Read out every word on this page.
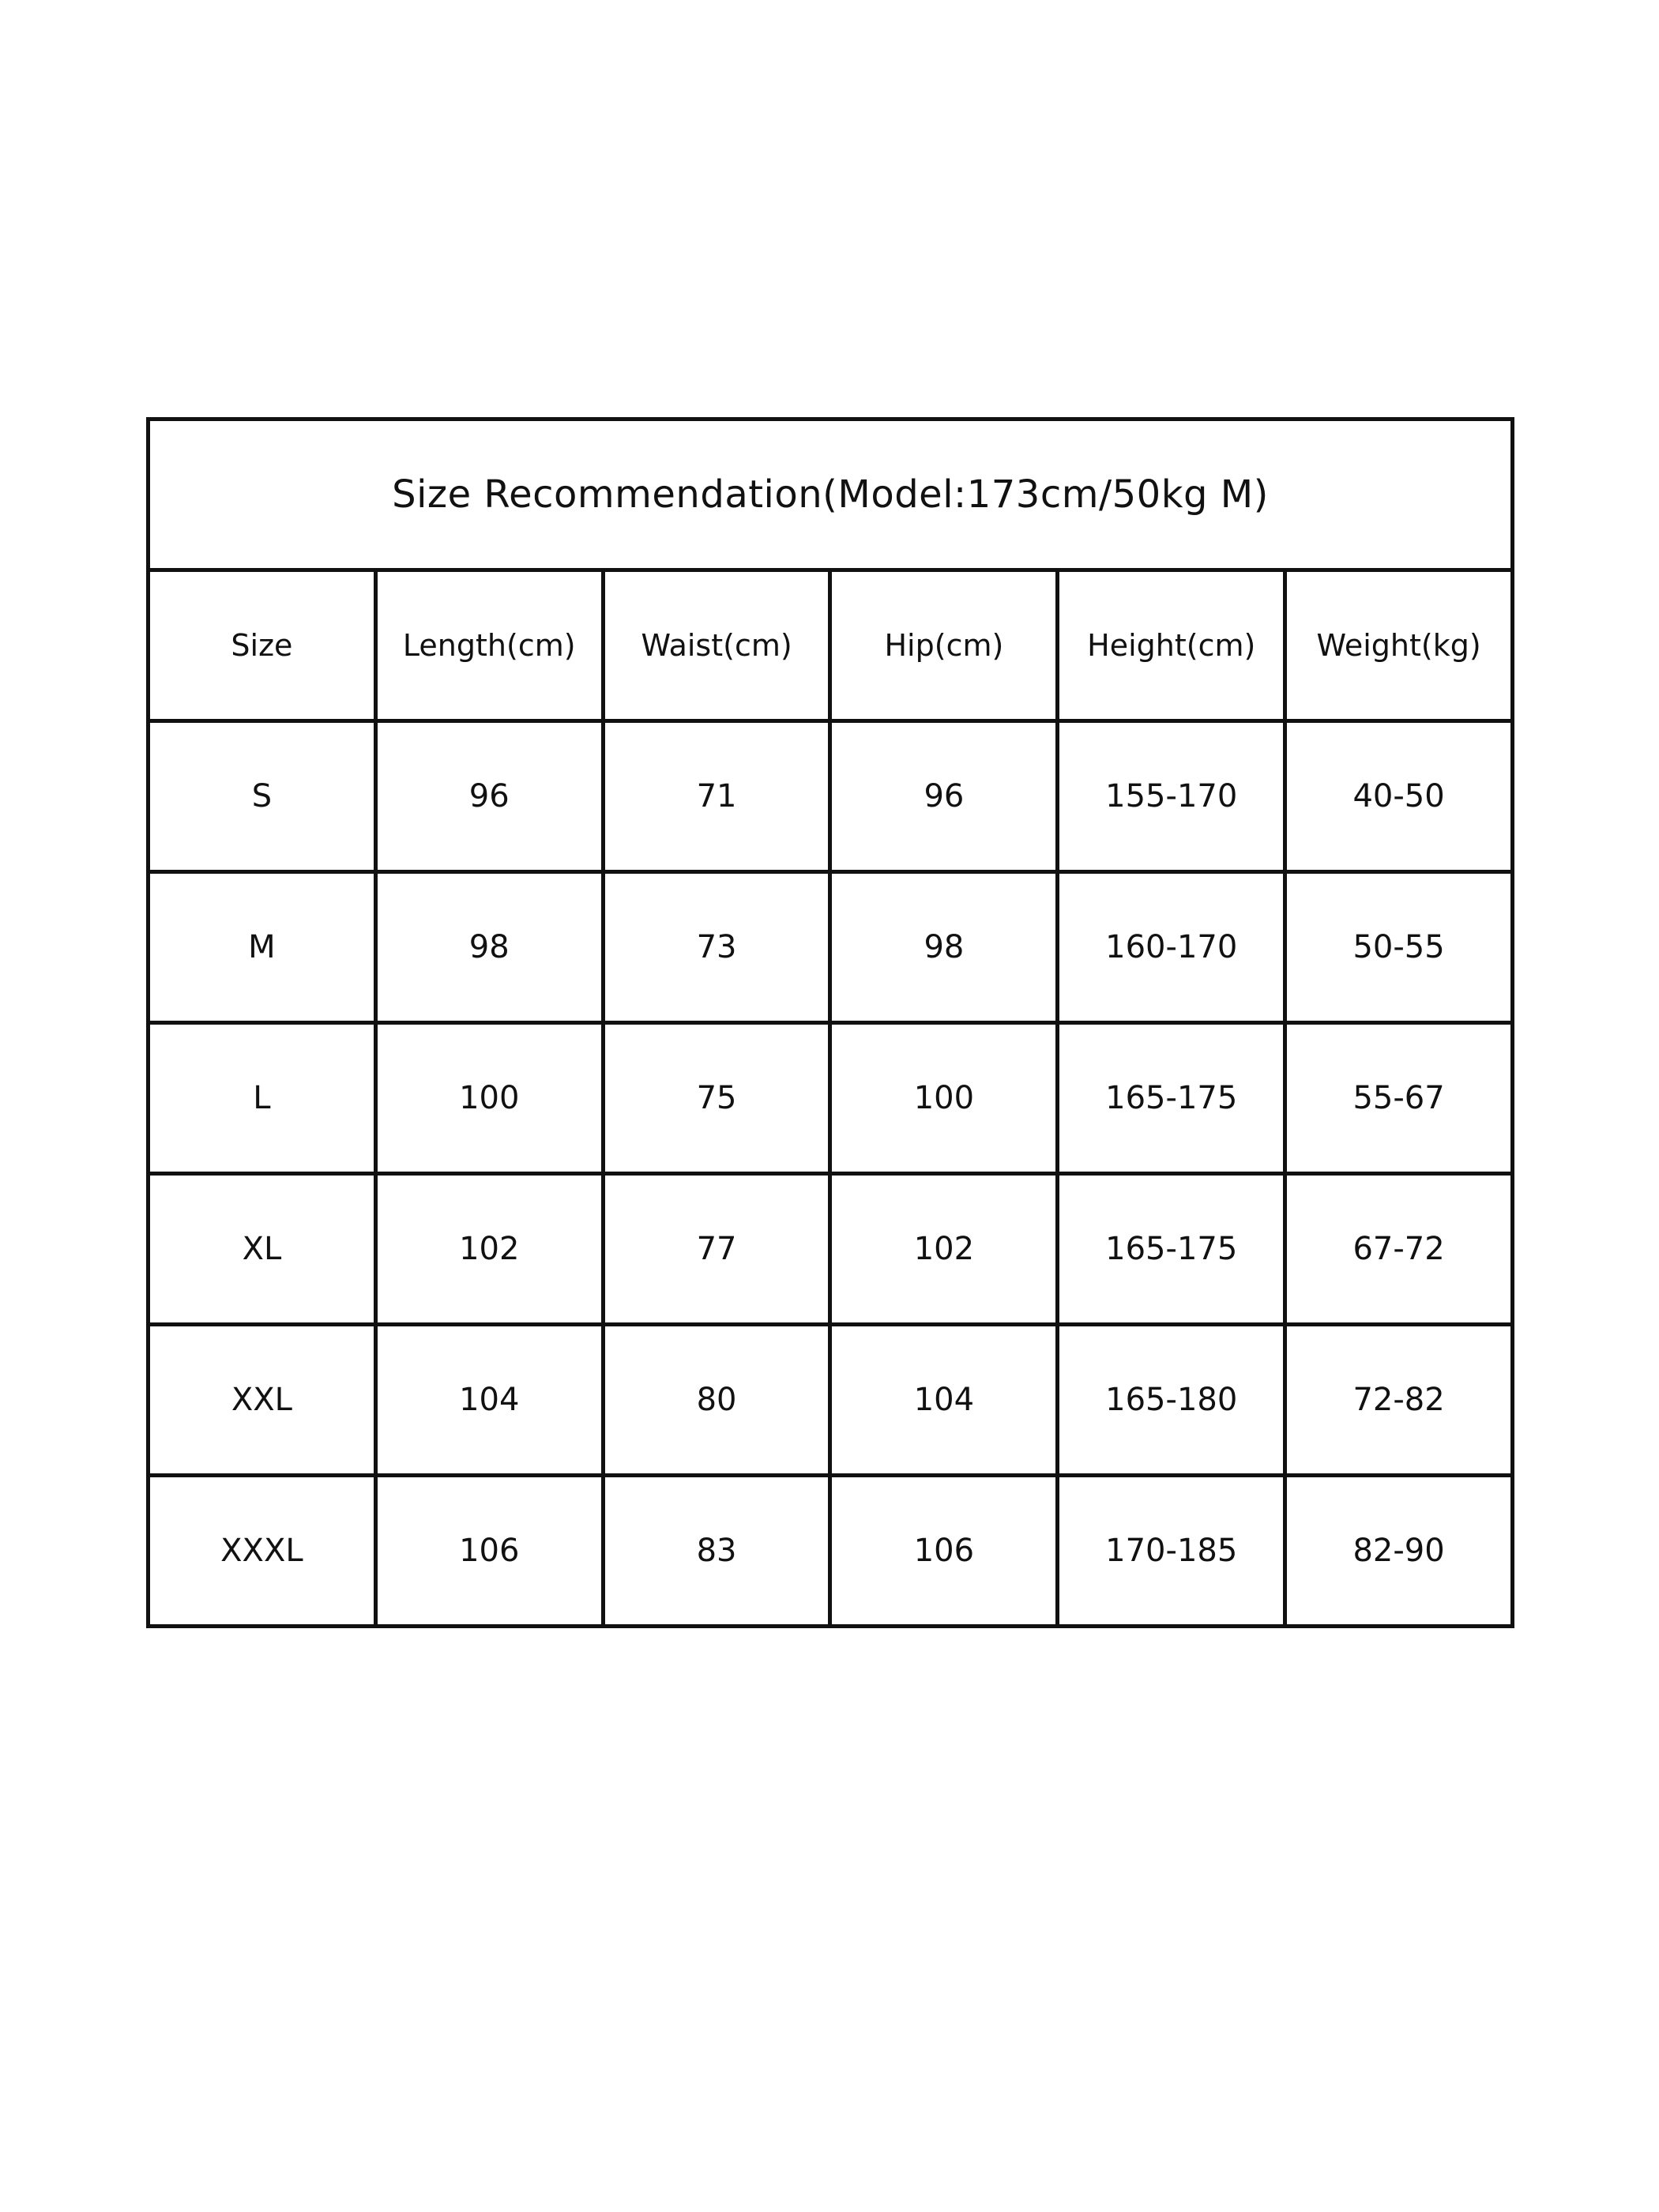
Size Recommendation(Model:173cm/50kg M)					
Size	Length(cm)	Waist(cm)	Hip(cm)	Height(cm)	Weight(kg)
S	96	71	96	155-170	40-50
M	98	73	98	160-170	50-55
L	100	75	100	165-175	55-67
XL	102	77	102	165-175	67-72
XXL	104	80	104	165-180	72-82
XXXL	106	83	106	170-185	82-90
